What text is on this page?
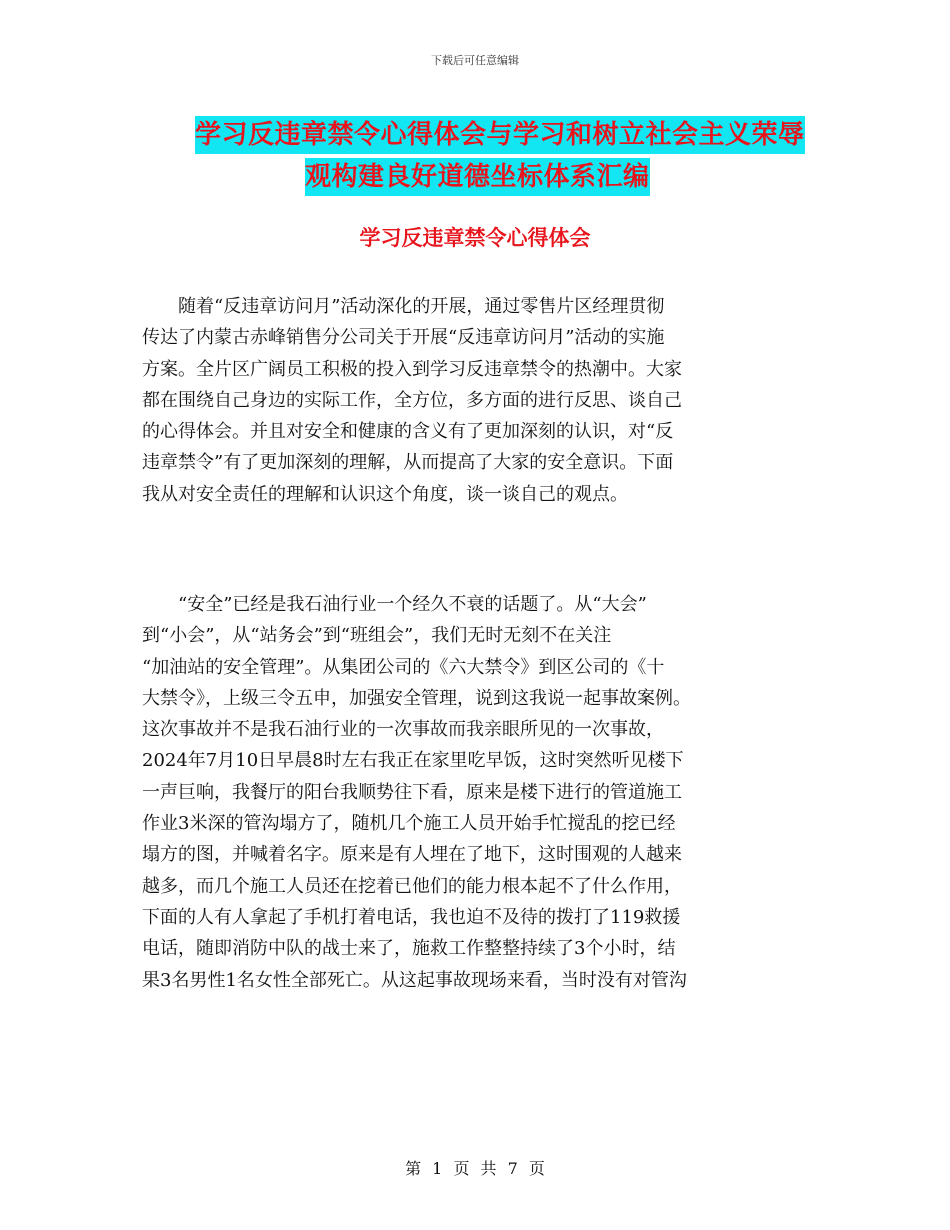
下载后可任意编辑
学习反违章禁令心得体会与学习和树立社会主义荣辱
观构建良好道德坐标体系汇编
学习反违章禁令心得体会
　　随着“反违章访问月”活动深化的开展，通过零售片区经理贯彻
传达了内蒙古赤峰销售分公司关于开展“反违章访问月”活动的实施
方案。全片区广阔员工积极的投入到学习反违章禁令的热潮中。大家
都在围绕自己身边的实际工作，全方位，多方面的进行反思、谈自己
的心得体会。并且对安全和健康的含义有了更加深刻的认识，对“反
违章禁令”有了更加深刻的理解，从而提高了大家的安全意识。下面
我从对安全责任的理解和认识这个角度，谈一谈自己的观点。
　　“安全”已经是我石油行业一个经久不衰的话题了。从“大会”
到“小会”，从“站务会”到“班组会”，我们无时无刻不在关注
“加油站的安全管理”。从集团公司的《六大禁令》到区公司的《十
大禁令》，上级三令五申，加强安全管理，说到这我说一起事故案例。
这次事故并不是我石油行业的一次事故而我亲眼所见的一次事故，
2024年7月10日早晨8时左右我正在家里吃早饭，这时突然听见楼下
一声巨响，我餐厅的阳台我顺势往下看，原来是楼下进行的管道施工
作业3米深的管沟塌方了，随机几个施工人员开始手忙搅乱的挖已经
塌方的图，并喊着名字。原来是有人埋在了地下，这时围观的人越来
越多，而几个施工人员还在挖着已他们的能力根本起不了什么作用，
下面的人有人拿起了手机打着电话，我也迫不及待的拨打了119救援
电话，随即消防中队的战士来了，施救工作整整持续了3个小时，结
果3名男性1名女性全部死亡。从这起事故现场来看，当时没有对管沟
第 1 页 共 7 页
